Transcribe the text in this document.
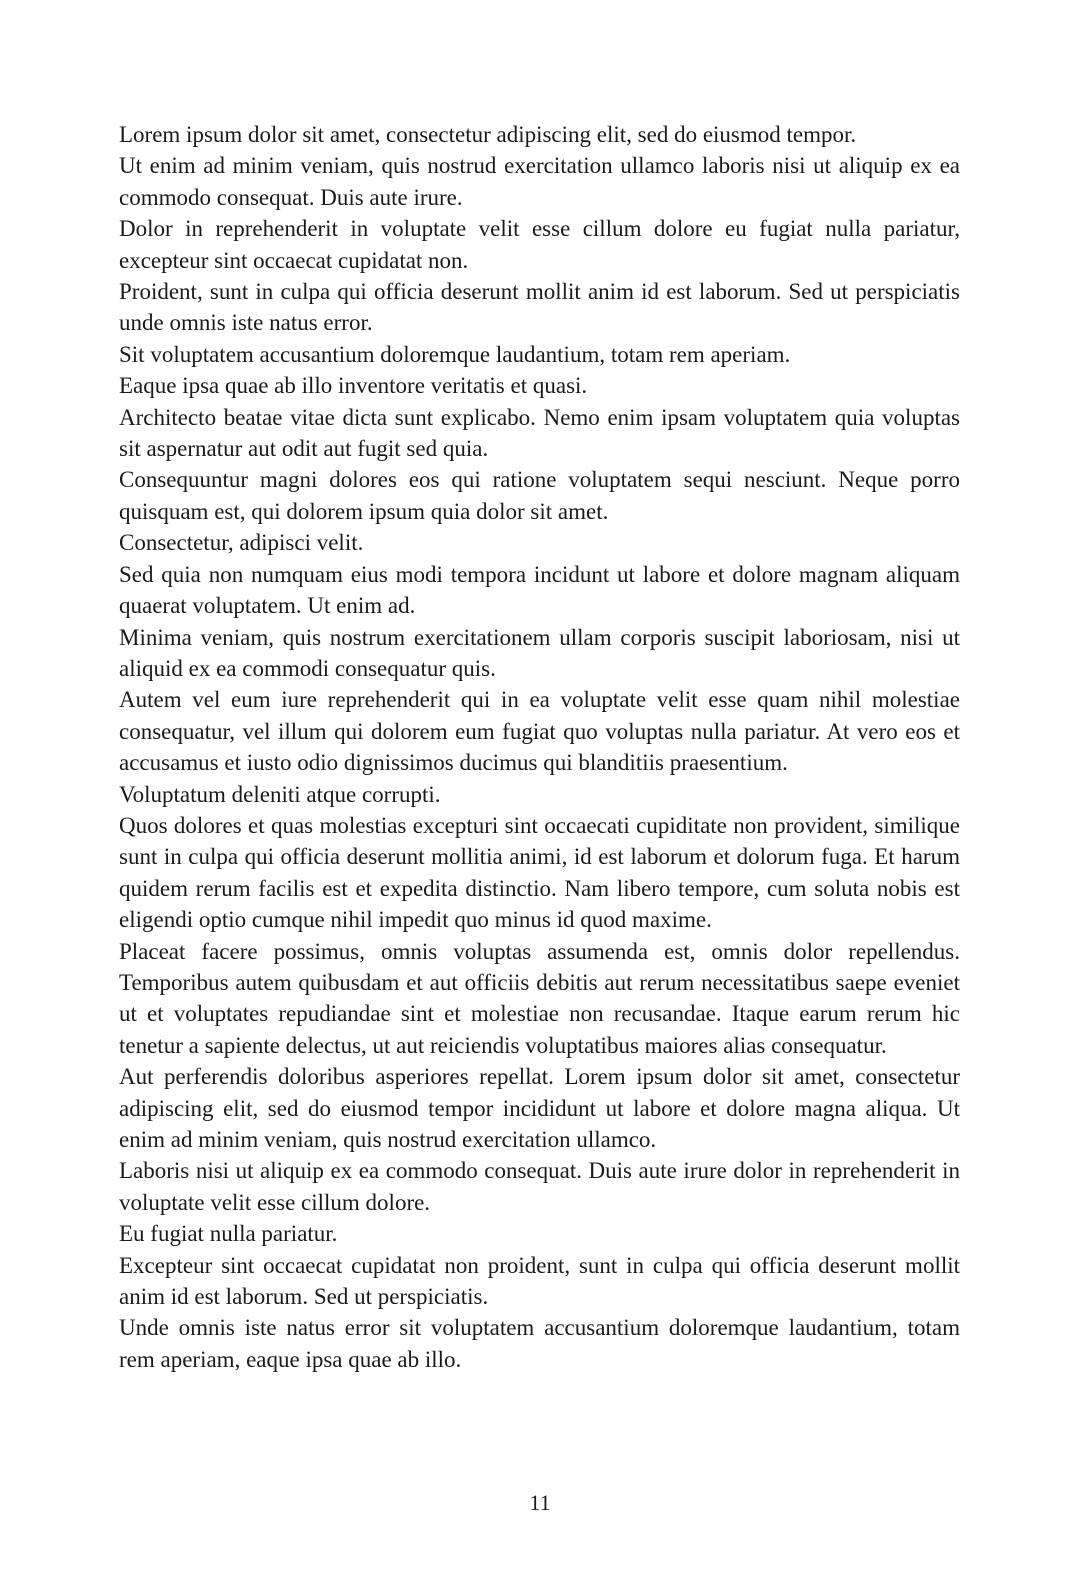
Lorem ipsum dolor sit amet, consectetur adipiscing elit, sed do eiusmod tempor.

Ut enim ad minim veniam, quis nostrud exercitation ullamco laboris nisi ut aliquip ex ea commodo consequat. Duis aute irure.

Dolor in reprehenderit in voluptate velit esse cillum dolore eu fugiat nulla pariatur, excepteur sint occaecat cupidatat non.

Proident, sunt in culpa qui officia deserunt mollit anim id est laborum. Sed ut perspiciatis unde omnis iste natus error.

Sit voluptatem accusantium doloremque laudantium, totam rem aperiam.

Eaque ipsa quae ab illo inventore veritatis et quasi.

Architecto beatae vitae dicta sunt explicabo. Nemo enim ipsam voluptatem quia voluptas sit aspernatur aut odit aut fugit sed quia.

Consequuntur magni dolores eos qui ratione voluptatem sequi nesciunt. Neque porro quisquam est, qui dolorem ipsum quia dolor sit amet.

Consectetur, adipisci velit.

Sed quia non numquam eius modi tempora incidunt ut labore et dolore magnam aliquam quaerat voluptatem. Ut enim ad.

Minima veniam, quis nostrum exercitationem ullam corporis suscipit laboriosam, nisi ut aliquid ex ea commodi consequatur quis.

Autem vel eum iure reprehenderit qui in ea voluptate velit esse quam nihil molestiae consequatur, vel illum qui dolorem eum fugiat quo voluptas nulla pariatur. At vero eos et accusamus et iusto odio dignissimos ducimus qui blanditiis praesentium.

Voluptatum deleniti atque corrupti.

Quos dolores et quas molestias excepturi sint occaecati cupiditate non provident, similique sunt in culpa qui officia deserunt mollitia animi, id est laborum et dolorum fuga. Et harum quidem rerum facilis est et expedita distinctio. Nam libero tempore, cum soluta nobis est eligendi optio cumque nihil impedit quo minus id quod maxime.

Placeat facere possimus, omnis voluptas assumenda est, omnis dolor repellendus. Temporibus autem quibusdam et aut officiis debitis aut rerum necessitatibus saepe eveniet ut et voluptates repudiandae sint et molestiae non recusandae. Itaque earum rerum hic tenetur a sapiente delectus, ut aut reiciendis voluptatibus maiores alias consequatur.

Aut perferendis doloribus asperiores repellat. Lorem ipsum dolor sit amet, consectetur adipiscing elit, sed do eiusmod tempor incididunt ut labore et dolore magna aliqua. Ut enim ad minim veniam, quis nostrud exercitation ullamco.

Laboris nisi ut aliquip ex ea commodo consequat. Duis aute irure dolor in reprehenderit in voluptate velit esse cillum dolore.

Eu fugiat nulla pariatur.

Excepteur sint occaecat cupidatat non proident, sunt in culpa qui officia deserunt mollit anim id est laborum. Sed ut perspiciatis.

Unde omnis iste natus error sit voluptatem accusantium doloremque laudantium, totam rem aperiam, eaque ipsa quae ab illo.

11
